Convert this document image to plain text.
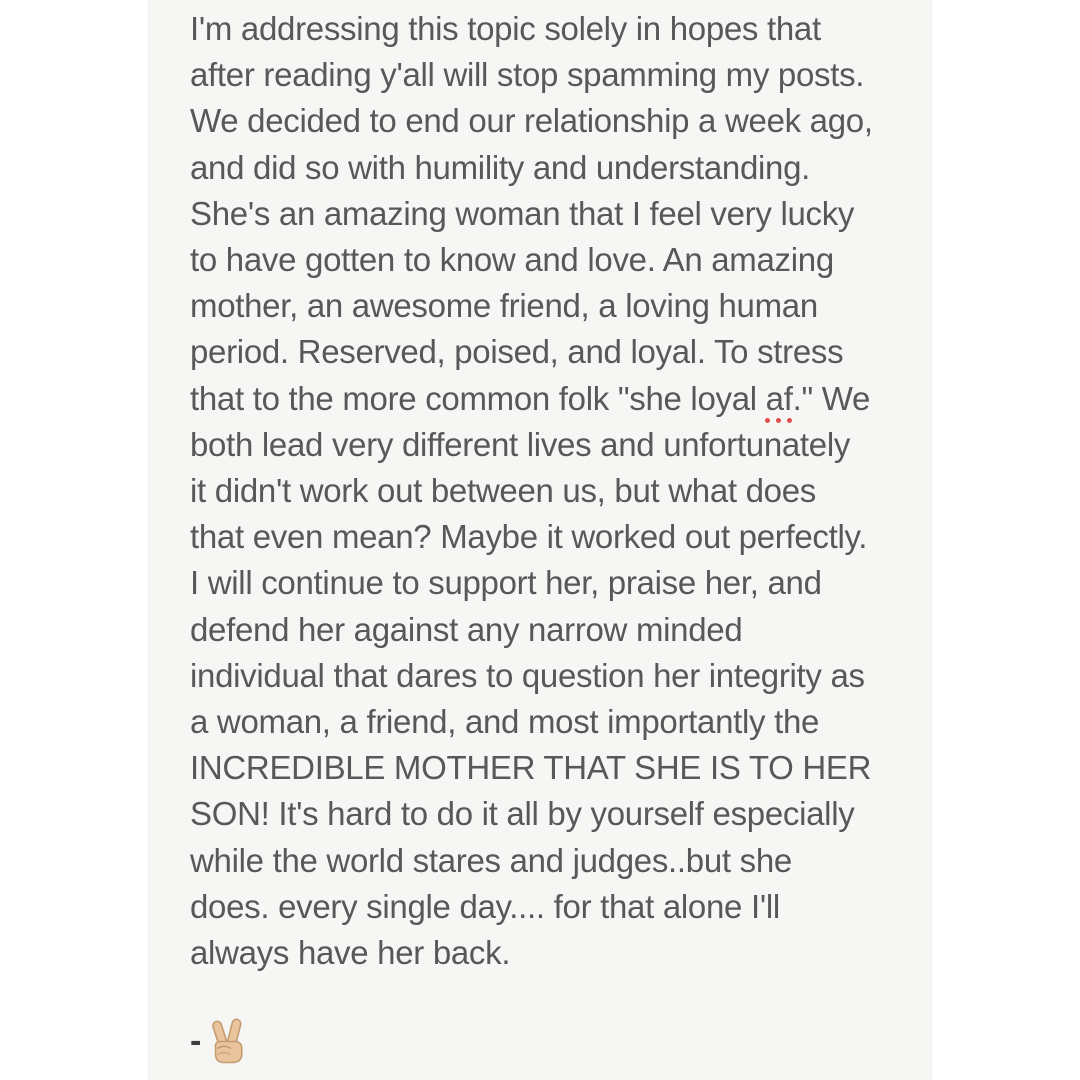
I'm addressing this topic solely in hopes that
after reading y'all will stop spamming my posts.
We decided to end our relationship a week ago,
and did so with humility and understanding.
She's an amazing woman that I feel very lucky
to have gotten to know and love. An amazing
mother, an awesome friend, a loving human
period. Reserved, poised, and loyal. To stress
that to the more common folk "she loyal af." We
both lead very different lives and unfortunately
it didn't work out between us, but what does
that even mean? Maybe it worked out perfectly.
I will continue to support her, praise her, and
defend her against any narrow minded
individual that dares to question her integrity as
a woman, a friend, and most importantly the
INCREDIBLE MOTHER THAT SHE IS TO HER
SON! It's hard to do it all by yourself especially
while the world stares and judges..but she
does. every single day.... for that alone I'll
always have her back.
-
